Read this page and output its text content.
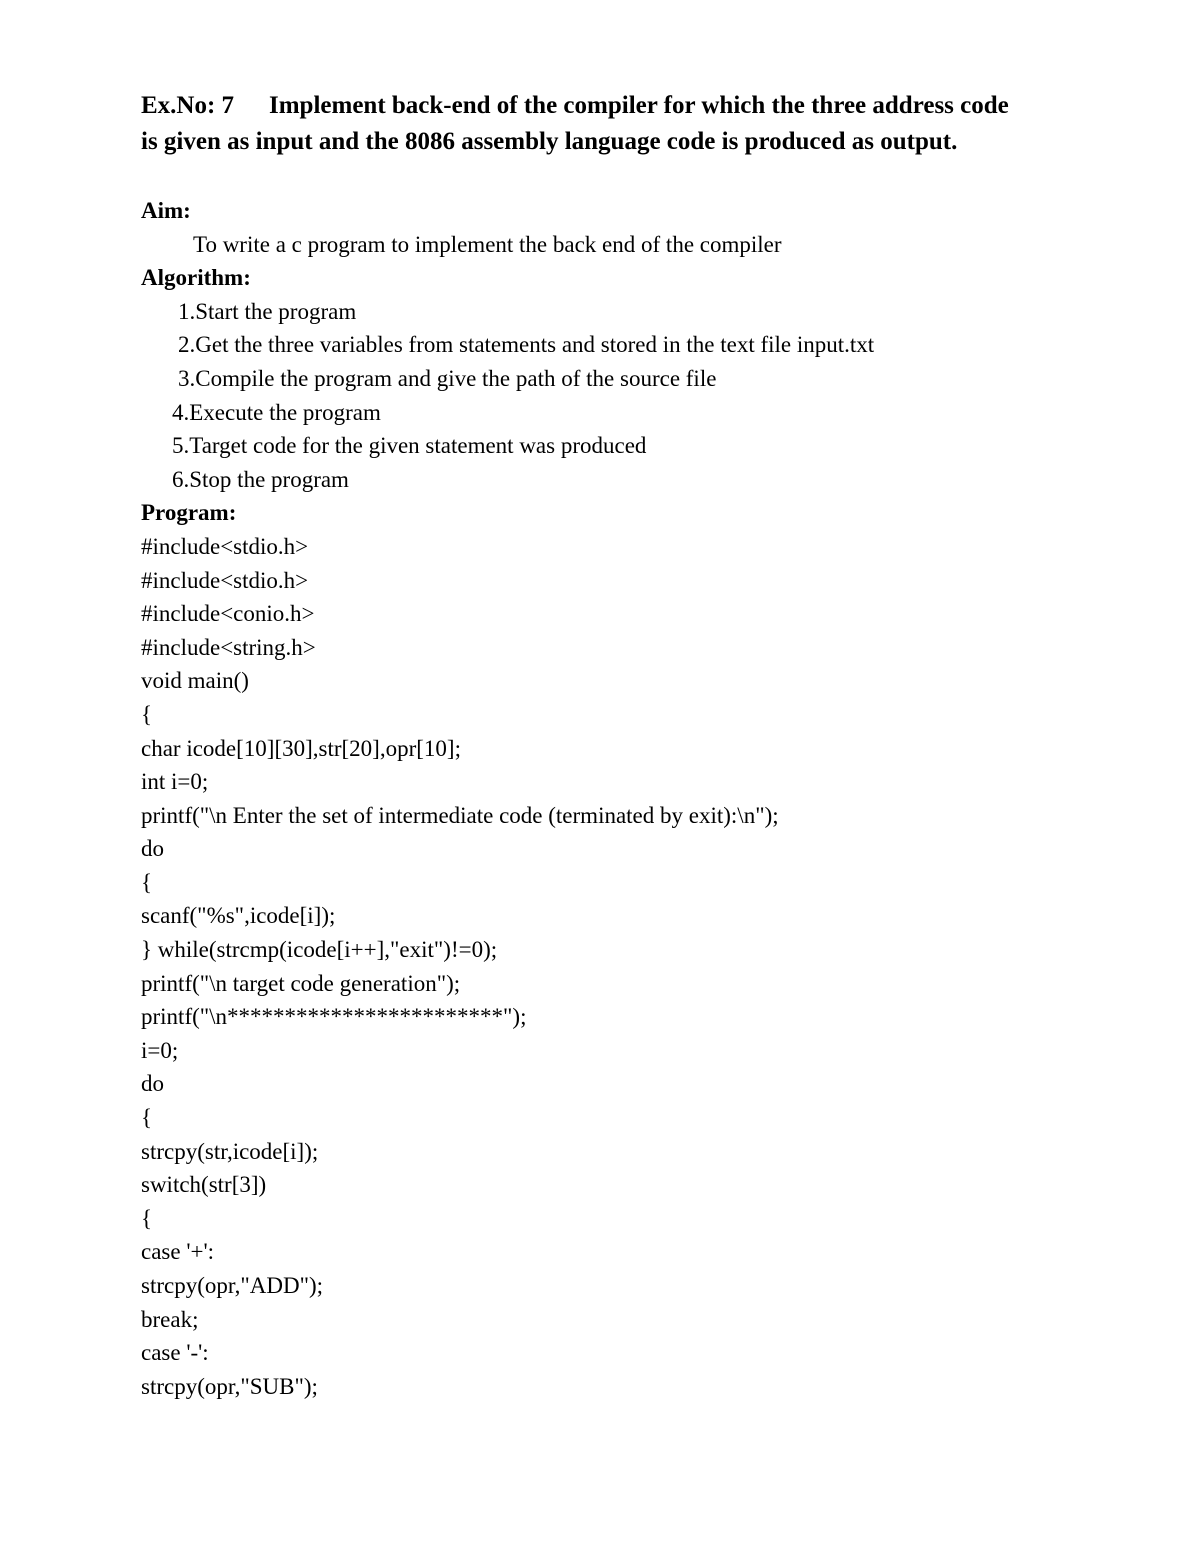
Ex.No: 7 Implement back-end of the compiler for which the three address code
is given as input and the 8086 assembly language code is produced as output.
Aim:
To write a c program to implement the back end of the compiler
Algorithm:
1.Start the program
2.Get the three variables from statements and stored in the text file input.txt
3.Compile the program and give the path of the source file
4.Execute the program
5.Target code for the given statement was produced
6.Stop the program
Program:
#include<stdio.h>
#include<stdio.h>
#include<conio.h>
#include<string.h>
void main()
{
char icode[10][30],str[20],opr[10];
int i=0;
printf("\n Enter the set of intermediate code (terminated by exit):\n");
do
{
scanf("%s",icode[i]);
} while(strcmp(icode[i++],"exit")!=0);
printf("\n target code generation");
printf("\n************************");
i=0;
do
{
strcpy(str,icode[i]);
switch(str[3])
{
case '+':
strcpy(opr,"ADD");
break;
case '-':
strcpy(opr,"SUB");
